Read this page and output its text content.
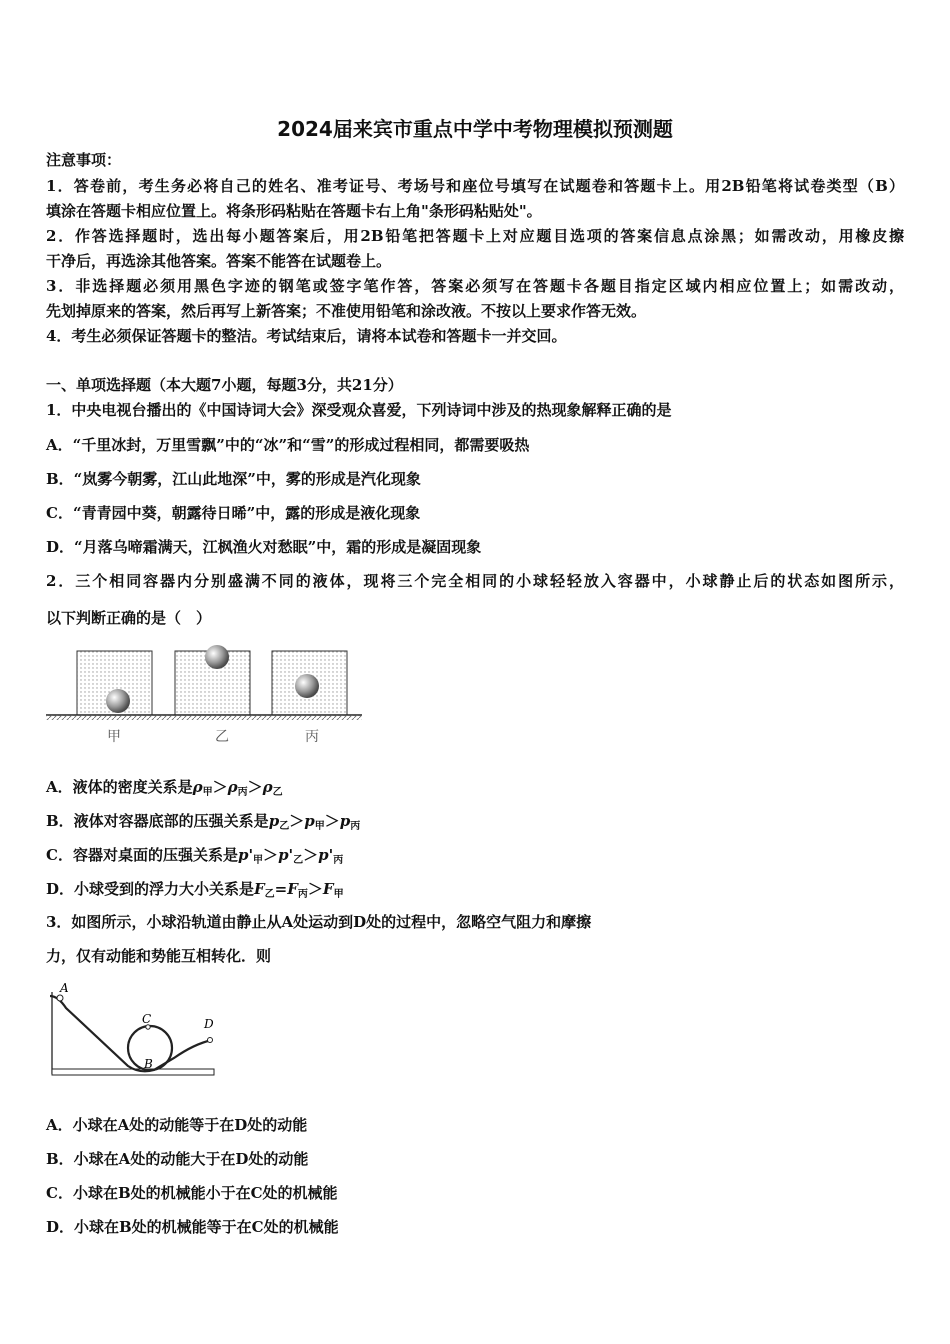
2024届来宾市重点中学中考物理模拟预测题
注意事项：
1．答卷前，考生务必将自己的姓名、准考证号、考场号和座位号填写在试题卷和答题卡上。用2B铅笔将试卷类型（B）
填涂在答题卡相应位置上。将条形码粘贴在答题卡右上角"条形码粘贴处"。
2．作答选择题时，选出每小题答案后，用2B铅笔把答题卡上对应题目选项的答案信息点涂黑；如需改动，用橡皮擦
干净后，再选涂其他答案。答案不能答在试题卷上。
3．非选择题必须用黑色字迹的钢笔或签字笔作答，答案必须写在答题卡各题目指定区域内相应位置上；如需改动，
先划掉原来的答案，然后再写上新答案；不准使用铅笔和涂改液。不按以上要求作答无效。
4．考生必须保证答题卡的整洁。考试结束后，请将本试卷和答题卡一并交回。
一、单项选择题（本大题7小题，每题3分，共21分）
1．中央电视台播出的《中国诗词大会》深受观众喜爱，下列诗词中涉及的热现象解释正确的是
A．“千里冰封，万里雪飘”中的“冰”和“雪”的形成过程相同，都需要吸热
B．“岚雾今朝雾，江山此地深”中，雾的形成是汽化现象
C．“青青园中葵，朝露待日晞”中，露的形成是液化现象
D．“月落乌啼霜满天，江枫渔火对愁眠”中，霜的形成是凝固现象
2．三个相同容器内分别盛满不同的液体，现将三个完全相同的小球轻轻放入容器中，小球静止后的状态如图所示，
以下判断正确的是（　）
甲	乙	丙
A．液体的密度关系是$\rho_甲>\rho_丙>\rho_乙$
B．液体对容器底部的压强关系是$p_乙>p_甲>p_丙$
C．容器对桌面的压强关系是$p'_甲>p'_乙>p'_丙$
D．小球受到的浮力大小关系是$F_乙=F_丙>F_甲$
3．如图所示，小球沿轨道由静止从A处运动到D处的过程中，忽略空气阻力和摩擦
力，仅有动能和势能互相转化．则
A
C
B
D
A．小球在A处的动能等于在D处的动能
B．小球在A处的动能大于在D处的动能
C．小球在B处的机械能小于在C处的机械能
D．小球在B处的机械能等于在C处的机械能
